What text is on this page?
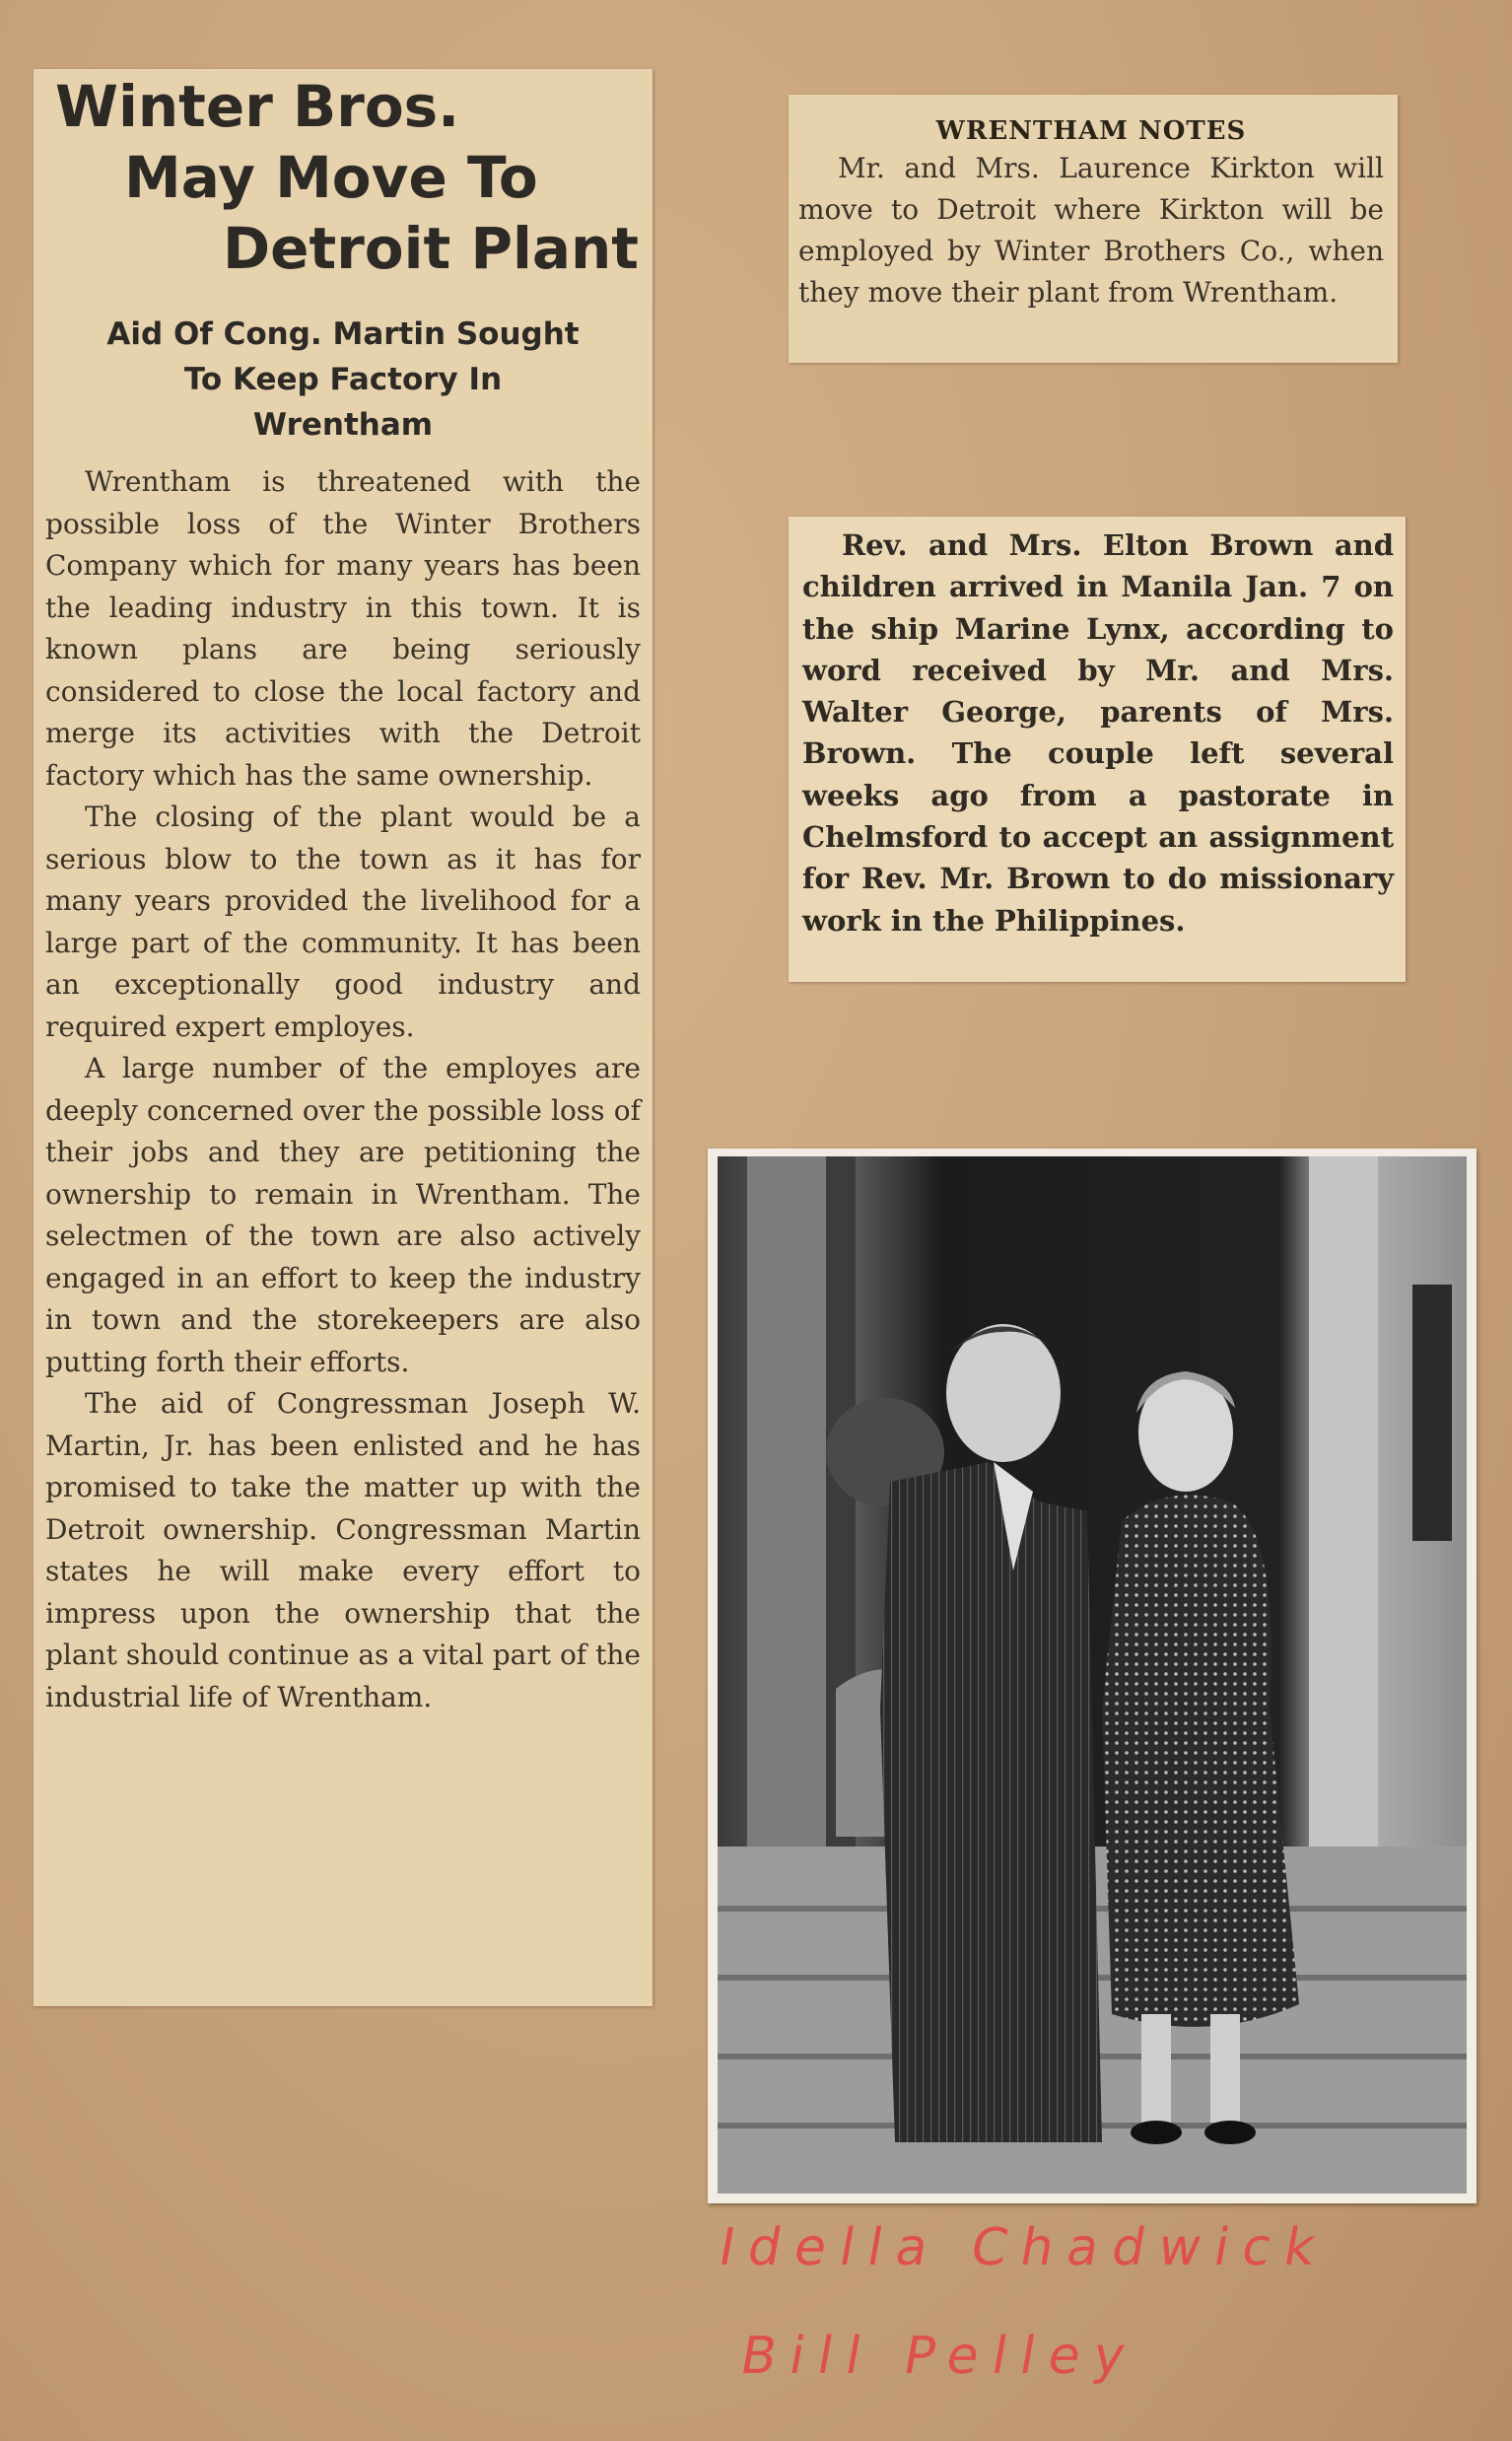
Winter Bros.
May Move To
Detroit Plant
Aid Of Cong. Martin Sought
To Keep Factory In
Wrentham

Wrentham is threatened with the possible loss of the Winter Brothers Company which for many years has been the leading industry in this town. It is known plans are being seriously considered to close the local factory and merge its activities with the Detroit factory which has the same ownership.

The closing of the plant would be a serious blow to the town as it has for many years provided the livelihood for a large part of the community. It has been an exceptionally good industry and required expert employes.

A large number of the employes are deeply concerned over the possible loss of their jobs and they are petitioning the ownership to remain in Wrentham. The selectmen of the town are also actively engaged in an effort to keep the industry in town and the storekeepers are also putting forth their efforts.

The aid of Congressman Joseph W. Martin, Jr. has been enlisted and he has promised to take the matter up with the Detroit ownership. Congressman Martin states he will make every effort to impress upon the ownership that the plant should continue as a vital part of the industrial life of Wrentham.

WRENTHAM NOTES

Mr. and Mrs. Laurence Kirkton will move to Detroit where Kirkton will be employed by Winter Brothers Co., when they move their plant from Wrentham.

Rev. and Mrs. Elton Brown and children arrived in Manila Jan. 7 on the ship Marine Lynx, according to word received by Mr. and Mrs. Walter George, parents of Mrs. Brown. The couple left several weeks ago from a pastorate in Chelmsford to accept an assignment for Rev. Mr. Brown to do missionary work in the Philippines.

Idella Chadwick
Bill Pelley
